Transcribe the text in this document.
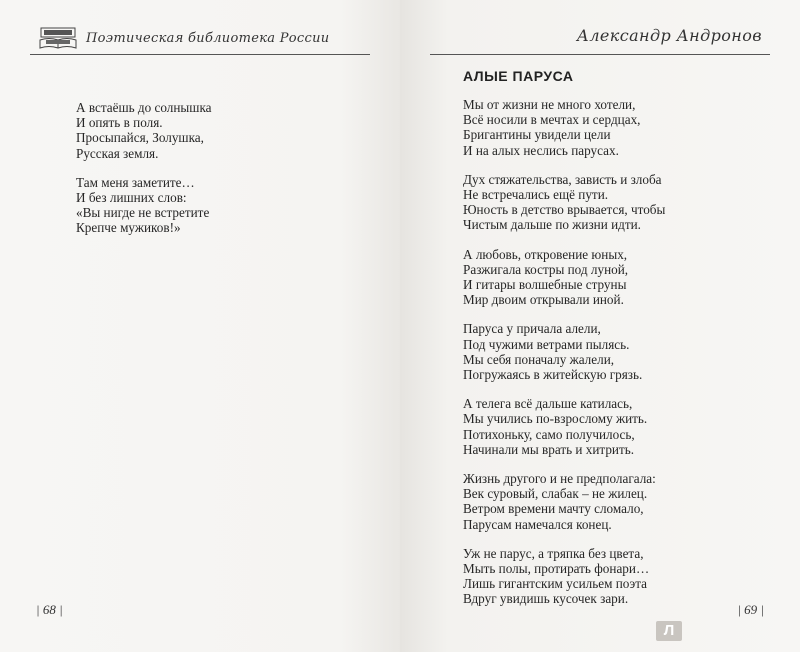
Поэтическая библиотека России
А встаёшь до солнышка
И опять в поля.
Просыпайся, Золушка,
Русская земля.
Там меня заметите…
И без лишних слов:
«Вы нигде не встретите
Крепче мужиков!»
| 68 |
Александр Андронов
АЛЫЕ ПАРУСА
Мы от жизни не много хотели,
Всё носили в мечтах и сердцах,
Бригантины увидели цели
И на алых неслись парусах.
Дух стяжательства, зависть и злоба
Не встречались ещё пути.
Юность в детство врывается, чтобы
Чистым дальше по жизни идти.
А любовь, откровение юных,
Разжигала костры под луной,
И гитары волшебные струны
Мир двоим открывали иной.
Паруса у причала алели,
Под чужими ветрами пылясь.
Мы себя поначалу жалели,
Погружаясь в житейскую грязь.
А телега всё дальше катилась,
Мы учились по-взрослому жить.
Потихоньку, само получилось,
Начинали мы врать и хитрить.
Жизнь другого и не предполагала:
Век суровый, слабак – не жилец.
Ветром времени мачту сломало,
Парусам намечался конец.
Уж не парус, а тряпка без цвета,
Мыть полы, протирать фонари…
Лишь гигантским усильем поэта
Вдруг увидишь кусочек зари.
| 69 |
Л
